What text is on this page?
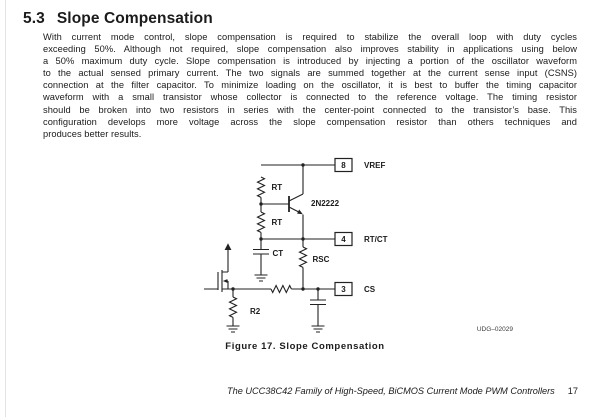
5.3 Slope Compensation
With current mode control, slope compensation is required to stabilize the overall loop with duty cycles
exceeding 50%. Although not required, slope compensation also improves stability in applications using below
a 50% maximum duty cycle. Slope compensation is introduced by injecting a portion of the oscillator waveform
to the actual sensed primary current. The two signals are summed together at the current sense input (CSNS)
connection at the filter capacitor. To minimize loading on the oscillator, it is best to buffer the timing capacitor
waveform with a small transistor whose collector is connected to the reference voltage. The timing resistor
should be broken into two resistors in series with the center-point connected to the transistor’s base. This
configuration develops more voltage across the slope compensation resistor than others techniques and
produces better results.
2N2222
RT
RT
RSC
R2
CT
8 VREF
4 RT/CT
3 CS
UDG–02029
Figure 17. Slope Compensation
The UCC38C42 Family of High-Speed, BiCMOS Current Mode PWM Controllers 17
